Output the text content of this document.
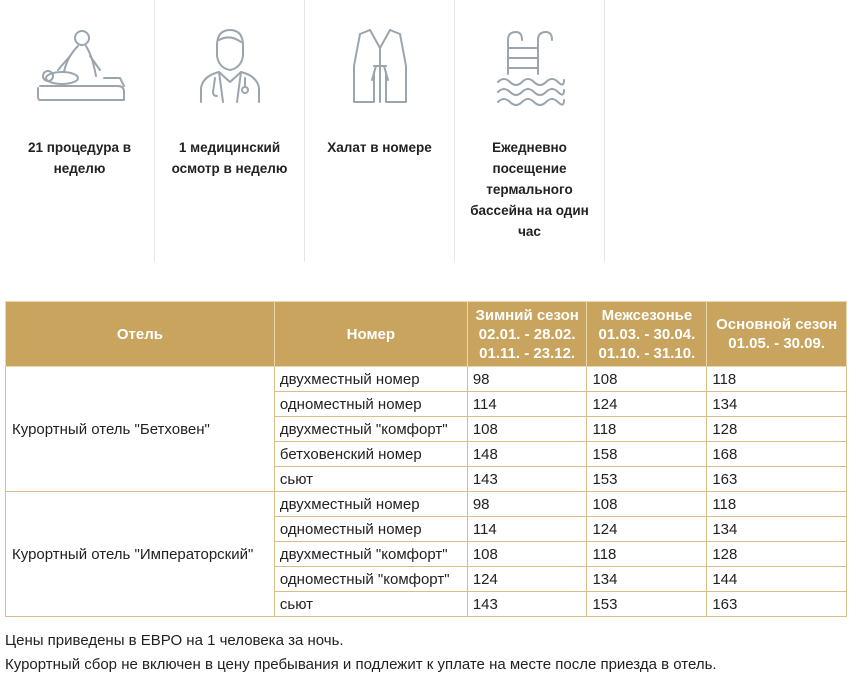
21 процедура в неделю
1 медицинский осмотр в неделю
Халат в номере	Ежедневно посещение термального бассейна на один час
Отель	Номер	Зимний сезон
02.01. - 28.02.
01.11. - 23.12.	Межсезонье
01.03. - 30.04.
01.10. - 31.10.	Основной сезон
01.05. - 30.09.
Курортный отель "Бетховен"	двухместный номер	98	108	118
	одноместный номер	114	124	134
	двухместный "комфорт"	108	118	128
	бетховенский номер	148	158	168
	сьют	143	153	163
Курортный отель "Императорский"	двухместный номер	98	108	118
	одноместный номер	114	124	134
	двухместный "комфорт"	108	118	128
	одноместный "комфорт"	124	134	144
	сьют	143	153	163
Цены приведены в ЕВРО на 1 человека за ночь.
Курортный сбор не включен в цену пребывания и подлежит к уплате на месте после приезда в отель.
